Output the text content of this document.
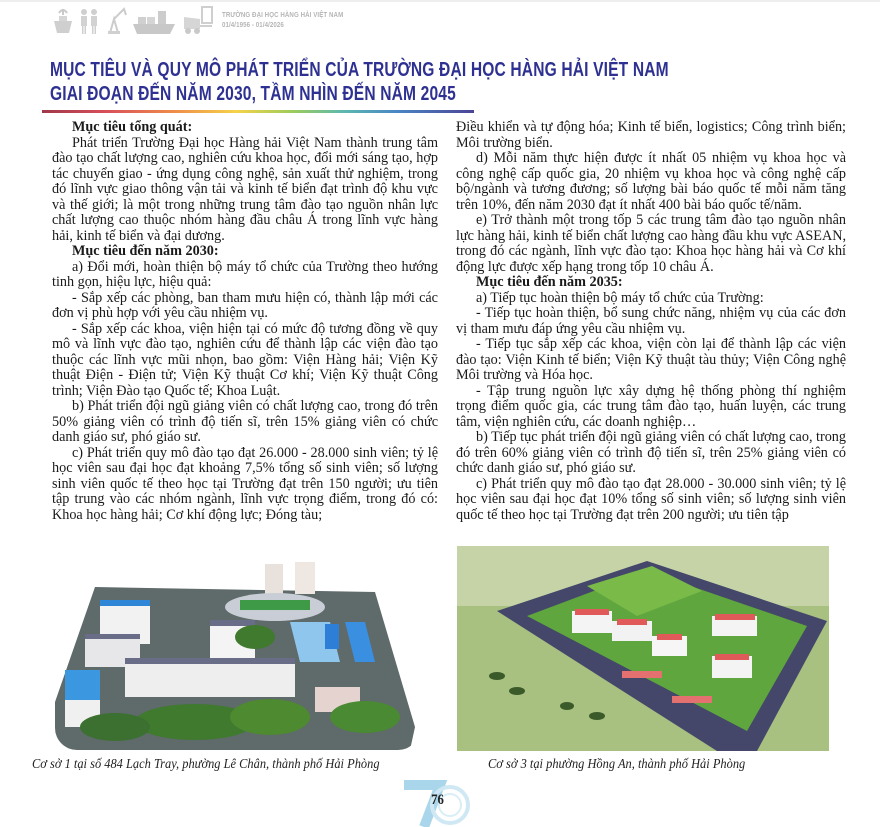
TRƯỜNG ĐẠI HỌC HÀNG HẢI VIỆT NAM
01/4/1956 - 01/4/2026
MỤC TIÊU VÀ QUY MÔ PHÁT TRIỂN CỦA TRƯỜNG ĐẠI HỌC HÀNG HẢI VIỆT NAM
GIAI ĐOẠN ĐẾN NĂM 2030, TẦM NHÌN ĐẾN NĂM 2045

Mục tiêu tổng quát:

Phát triển Trường Đại học Hàng hải Việt Nam thành trung tâm đào tạo chất lượng cao, nghiên cứu khoa học, đổi mới sáng tạo, hợp tác chuyển giao - ứng dụng công nghệ, sản xuất thử nghiệm, trong đó lĩnh vực giao thông vận tải và kinh tế biển đạt trình độ khu vực và thế giới; là một trong những trung tâm đào tạo nguồn nhân lực chất lượng cao thuộc nhóm hàng đầu châu Á trong lĩnh vực hàng hải, kinh tế biển và đại dương.

Mục tiêu đến năm 2030:

a) Đổi mới, hoàn thiện bộ máy tổ chức của Trường theo hướng tinh gọn, hiệu lực, hiệu quả:

- Sắp xếp các phòng, ban tham mưu hiện có, thành lập mới các đơn vị phù hợp với yêu cầu nhiệm vụ.

- Sắp xếp các khoa, viện hiện tại có mức độ tương đồng về quy mô và lĩnh vực đào tạo, nghiên cứu để thành lập các viện đào tạo thuộc các lĩnh vực mũi nhọn, bao gồm: Viện Hàng hải; Viện Kỹ thuật Điện - Điện tử; Viện Kỹ thuật Cơ khí; Viện Kỹ thuật Công trình; Viện Đào tạo Quốc tế; Khoa Luật.

b) Phát triển đội ngũ giảng viên có chất lượng cao, trong đó trên 50% giảng viên có trình độ tiến sĩ, trên 15% giảng viên có chức danh giáo sư, phó giáo sư.

c) Phát triển quy mô đào tạo đạt 26.000 - 28.000 sinh viên; tỷ lệ học viên sau đại học đạt khoảng 7,5% tổng số sinh viên; số lượng sinh viên quốc tế theo học tại Trường đạt trên 150 người; ưu tiên tập trung vào các nhóm ngành, lĩnh vực trọng điểm, trong đó có: Khoa học hàng hải; Cơ khí động lực; Đóng tàu;

Điều khiển và tự động hóa; Kinh tế biển, logistics; Công trình biển; Môi trường biển.

d) Mỗi năm thực hiện được ít nhất 05 nhiệm vụ khoa học và công nghệ cấp quốc gia, 20 nhiệm vụ khoa học và công nghệ cấp bộ/ngành và tương đương; số lượng bài báo quốc tế mỗi năm tăng trên 10%, đến năm 2030 đạt ít nhất 400 bài báo quốc tế/năm.

e) Trở thành một trong tốp 5 các trung tâm đào tạo nguồn nhân lực hàng hải, kinh tế biển chất lượng cao hàng đầu khu vực ASEAN, trong đó các ngành, lĩnh vực đào tạo: Khoa học hàng hải và Cơ khí động lực được xếp hạng trong tốp 10 châu Á.

Mục tiêu đến năm 2035:

a) Tiếp tục hoàn thiện bộ máy tổ chức của Trường:

- Tiếp tục hoàn thiện, bổ sung chức năng, nhiệm vụ của các đơn vị tham mưu đáp ứng yêu cầu nhiệm vụ.

- Tiếp tục sắp xếp các khoa, viện còn lại để thành lập các viện đào tạo: Viện Kinh tế biển; Viện Kỹ thuật tàu thủy; Viện Công nghệ Môi trường và Hóa học.

- Tập trung nguồn lực xây dựng hệ thống phòng thí nghiệm trọng điểm quốc gia, các trung tâm đào tạo, huấn luyện, các trung tâm, viện nghiên cứu, các doanh nghiệp…

b) Tiếp tục phát triển đội ngũ giảng viên có chất lượng cao, trong đó trên 60% giảng viên có trình độ tiến sĩ, trên 25% giảng viên có chức danh giáo sư, phó giáo sư.

c) Phát triển quy mô đào tạo đạt 28.000 - 30.000 sinh viên; tỷ lệ học viên sau đại học đạt 10% tổng số sinh viên; số lượng sinh viên quốc tế theo học tại Trường đạt trên 200 người; ưu tiên tập

Cơ sở 1 tại số 484 Lạch Tray, phường Lê Chân, thành phố Hải Phòng	Cơ sở 3 tại phường Hồng An, thành phố Hải Phòng
76
